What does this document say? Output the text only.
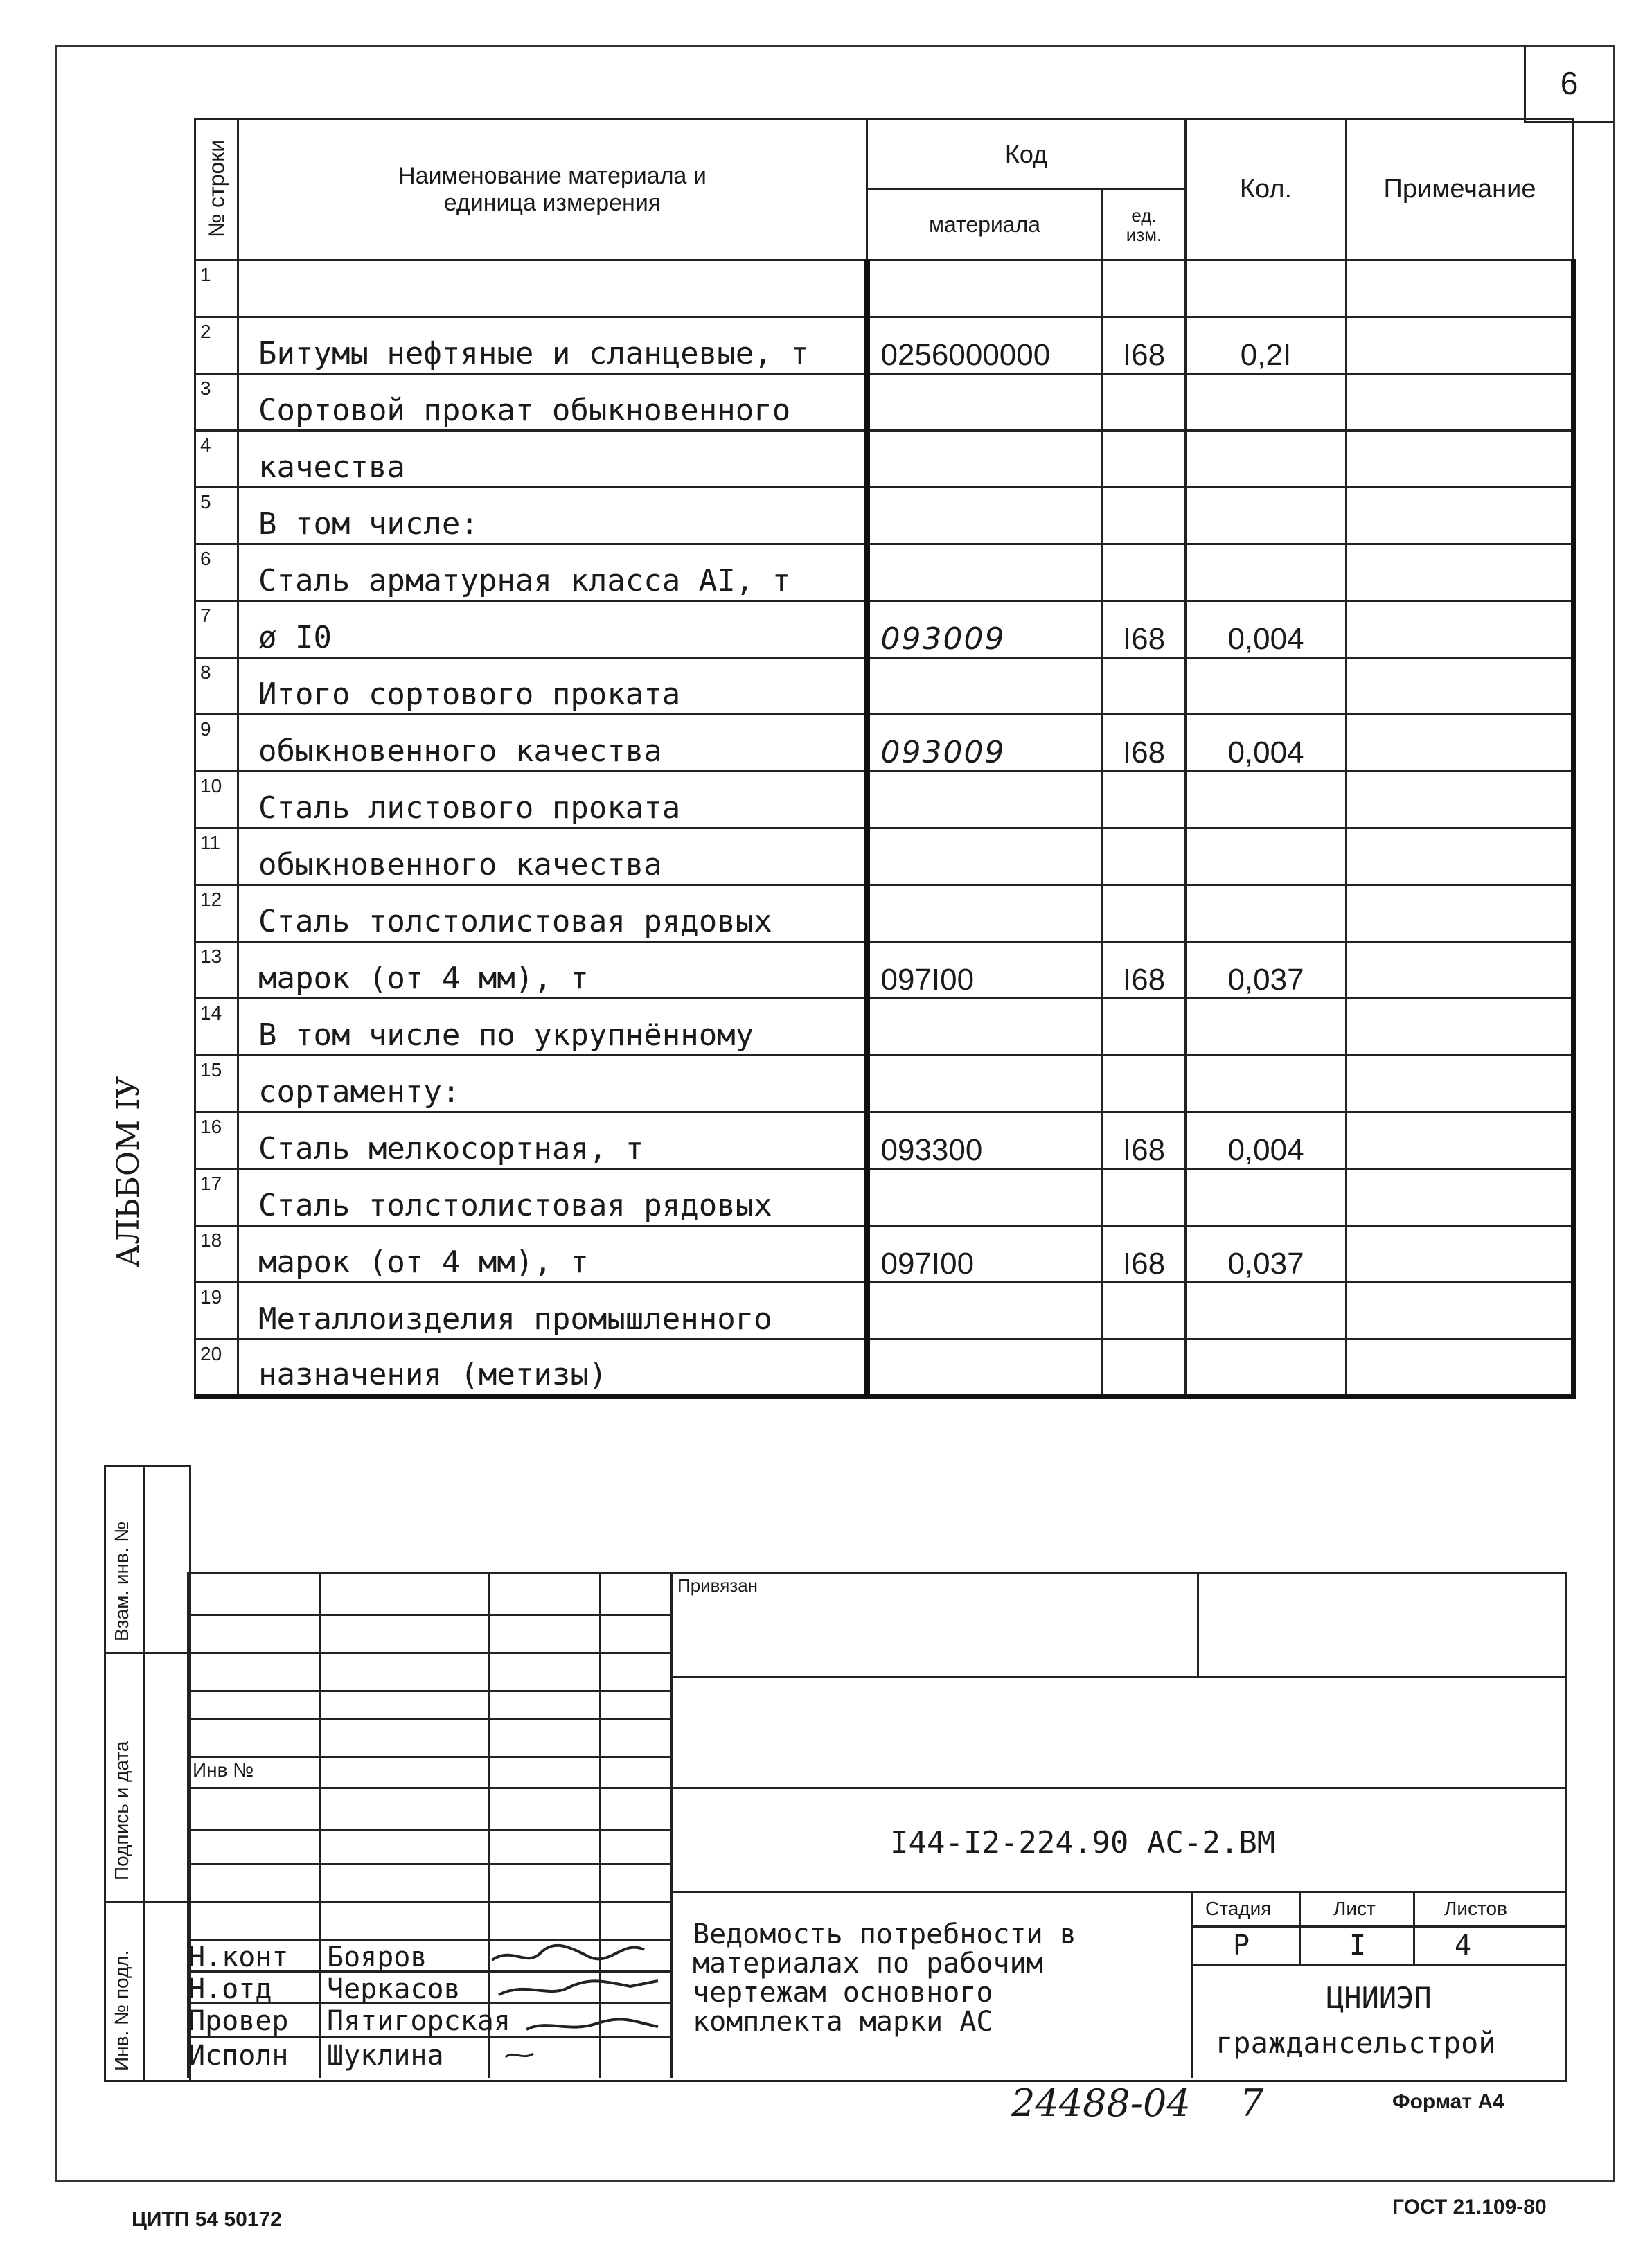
6
№ строки	Наименование материала и
единица измерения	Код		Кол.	Примечание
		материала	ед.
изм.		

1					
2	Битумы нефтяные и сланцевые, т	0256000000	I68	0,2I	
3	Сортовой прокат обыкновенного				
4	качества				
5	В том числе:				
6	Сталь арматурная класса АI, т				
7	ø I0	093009	I68	0,004	
8	Итого сортового проката				
9	обыкновенного качества	093009	I68	0,004	
10	Сталь листового проката				
11	обыкновенного качества				
12	Сталь толстолистовая рядовых				
13	марок (от 4 мм), т	097I00	I68	0,037	
14	В том числе по укрупнённому				
15	сортаменту:				
16	Сталь мелкосортная, т	093300	I68	0,004	
17	Сталь толстолистовая рядовых				
18	марок (от 4 мм), т	097I00	I68	0,037	
19	Металлоизделия промышленного				
20	назначения (метизы)				
АЛЬБОМ IУ
Взам. инв. №
Подпись и дата
Инв. № подл.
Привязан
Инв №
I44-I2-224.90 АС-2.ВМ
Ведомость потребности в
материалах по рабочим
чертежам основного
комплекта марки АС
Стадия	Лист	Листов
Р	I	4
ЦНИИЭП
граждансельстрой
Н.конт Бояров
Н.отд Черкасов
Провер Пятигорская
Исполн Шуклина
24488-04 7	Формат А4
ЦИТП 54 50172
ГОСТ 21.109-80
